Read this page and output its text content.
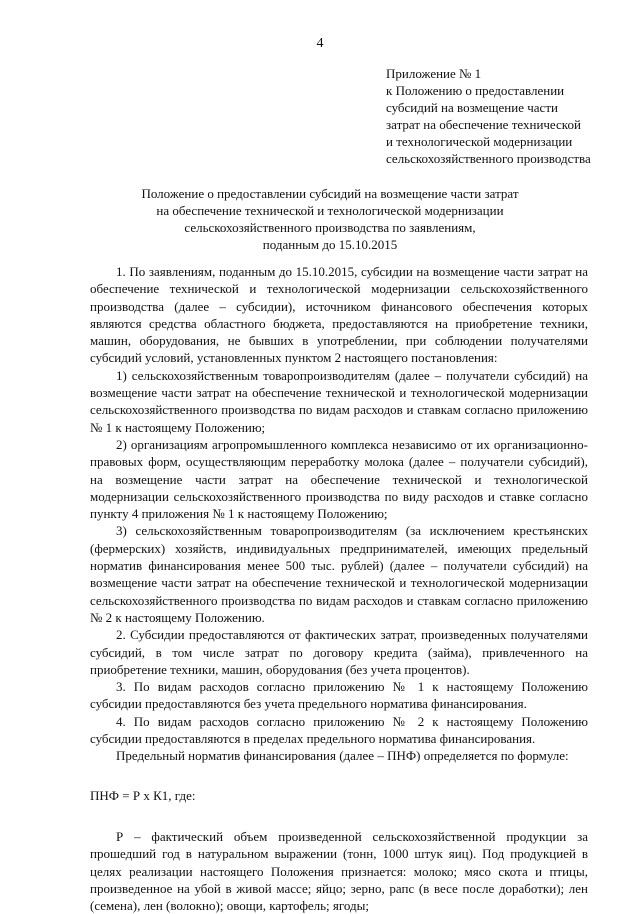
4
Приложение № 1
к Положению о предоставлении
субсидий на возмещение части
затрат на обеспечение технической
и технологической модернизации
сельскохозяйственного производства
Положение о предоставлении субсидий на возмещение части затрат
на обеспечение технической и технологической модернизации
сельскохозяйственного производства по заявлениям,
поданным до 15.10.2015

1. По заявлениям, поданным до 15.10.2015, субсидии на возмещение части затрат на обеспечение технической и технологической модернизации сельскохозяйственного производства (далее – субсидии), источником финансового обеспечения которых являются средства областного бюджета, предоставляются на приобретение техники, машин, оборудования, не бывших в употреблении, при соблюдении получателями субсидий условий, установленных пунктом 2 настоящего постановления:

1) сельскохозяйственным товаропроизводителям (далее – получатели субсидий) на возмещение части затрат на обеспечение технической и технологической модернизации сельскохозяйственного производства по видам расходов и ставкам согласно приложению № 1 к настоящему Положению;

2) организациям агропромышленного комплекса независимо от их организационно-правовых форм, осуществляющим переработку молока (далее – получатели субсидий), на возмещение части затрат на обеспечение технической и технологической модернизации сельскохозяйственного производства по виду расходов и ставке согласно пункту 4 приложения № 1 к настоящему Положению;

3) сельскохозяйственным товаропроизводителям (за исключением крестьянских (фермерских) хозяйств, индивидуальных предпринимателей, имеющих предельный норматив финансирования менее 500 тыс. рублей) (далее – получатели субсидий) на возмещение части затрат на обеспечение технической и технологической модернизации сельскохозяйственного производства по видам расходов и ставкам согласно приложению № 2 к настоящему Положению.

2. Субсидии предоставляются от фактических затрат, произведенных получателями субсидий, в том числе затрат по договору кредита (займа), привлеченного на приобретение техники, машин, оборудования (без учета процентов).

3. По видам расходов согласно приложению № 1 к настоящему Положению субсидии предоставляются без учета предельного норматива финансирования.

4. По видам расходов согласно приложению № 2 к настоящему Положению субсидии предоставляются в пределах предельного норматива финансирования.

Предельный норматив финансирования (далее – ПНФ) определяется по формуле:

ПНФ = Р х К1, где:

Р – фактический объем произведенной сельскохозяйственной продукции за прошедший год в натуральном выражении (тонн, 1000 штук яиц). Под продукцией в целях реализации настоящего Положения признается: молоко; мясо скота и птицы, произведенное на убой в живой массе; яйцо; зерно, рапс (в весе после доработки); лен (семена), лен (волокно); овощи, картофель; ягоды;
